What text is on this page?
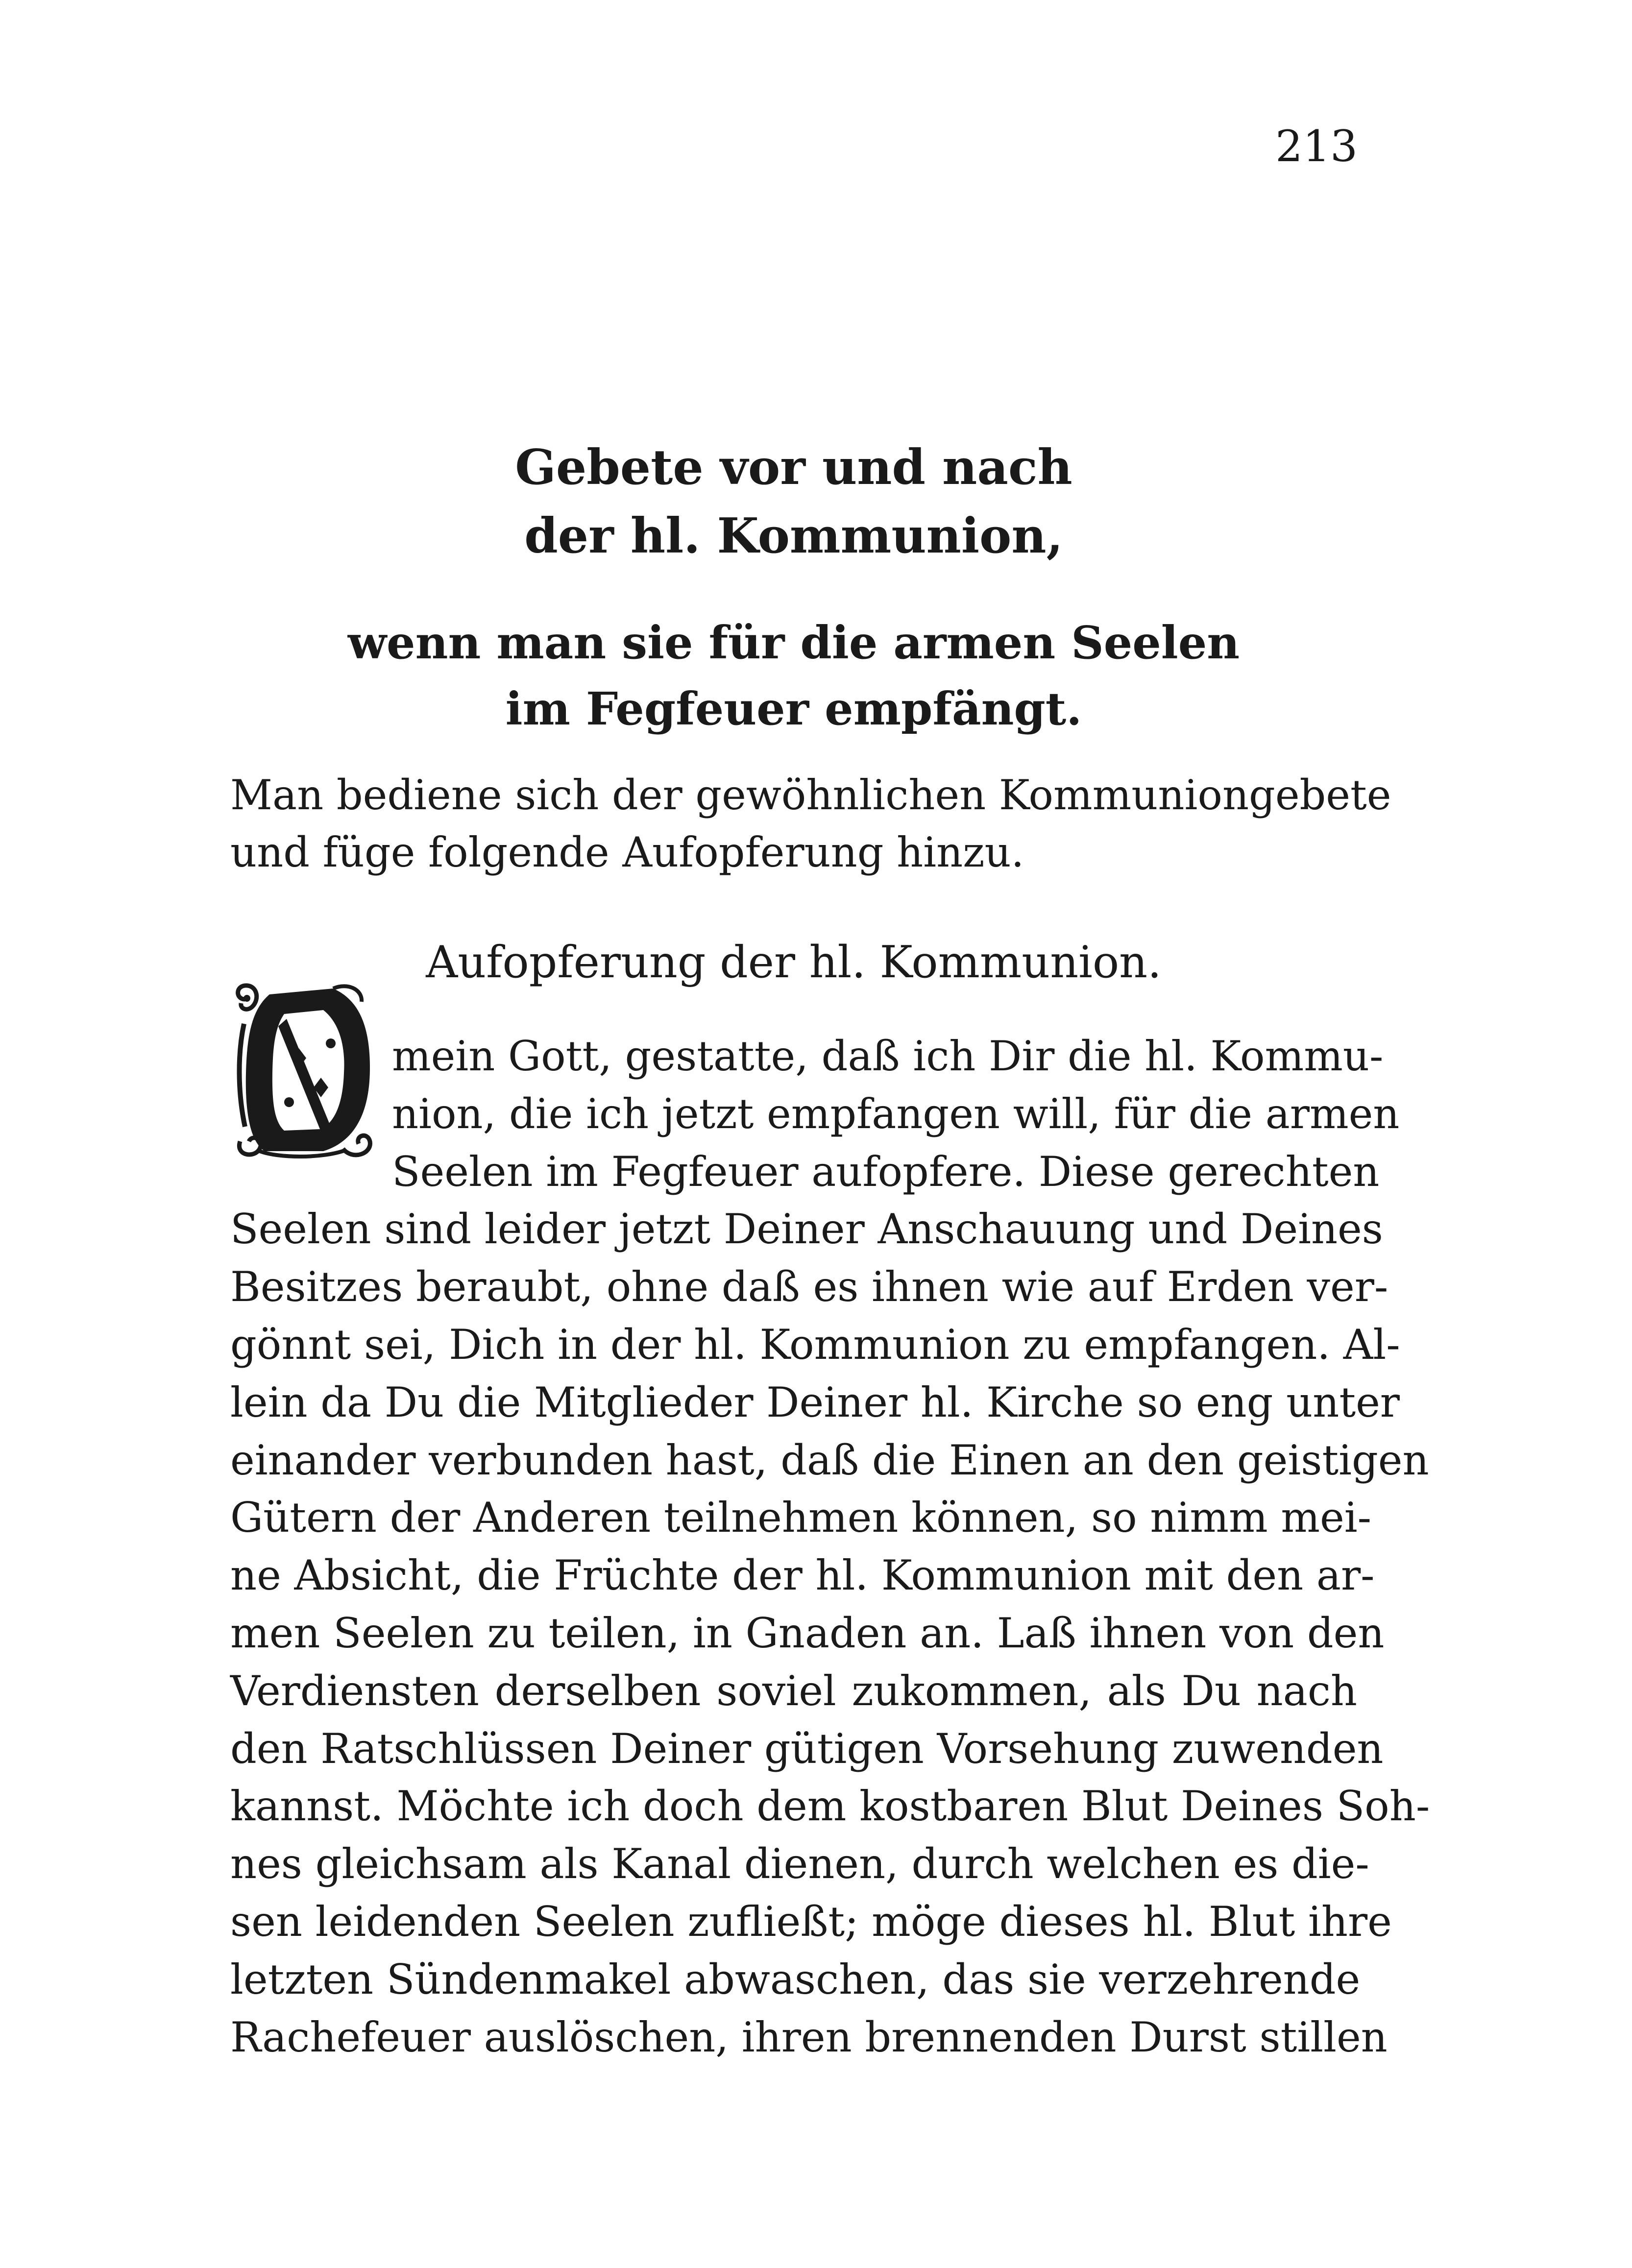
213
Gebete vor und nach
der hl. Kommunion,
wenn man sie für die armen Seelen
im Fegfeuer empfängt.
Man bediene sich der gewöhnlichen Kommuniongebete
und füge folgende Aufopferung hinzu.
Aufopferung der hl. Kommunion.
mein Gott, gestatte, daß ich Dir die hl. Kommu-
nion, die ich jetzt empfangen will, für die armen
Seelen im Fegfeuer aufopfere. Diese gerechten
Seelen sind leider jetzt Deiner Anschauung und Deines
Besitzes beraubt, ohne daß es ihnen wie auf Erden ver-
gönnt sei, Dich in der hl. Kommunion zu empfangen. Al-
lein da Du die Mitglieder Deiner hl. Kirche so eng unter
einander verbunden hast, daß die Einen an den geistigen
Gütern der Anderen teilnehmen können, so nimm mei-
ne Absicht, die Früchte der hl. Kommunion mit den ar-
men Seelen zu teilen, in Gnaden an. Laß ihnen von den
Verdiensten derselben soviel zukommen, als Du nach
den Ratschlüssen Deiner gütigen Vorsehung zuwenden
kannst. Möchte ich doch dem kostbaren Blut Deines Soh-
nes gleichsam als Kanal dienen, durch welchen es die-
sen leidenden Seelen zufließt; möge dieses hl. Blut ihre
letzten Sündenmakel abwaschen, das sie verzehrende
Rachefeuer auslöschen, ihren brennenden Durst stillen
